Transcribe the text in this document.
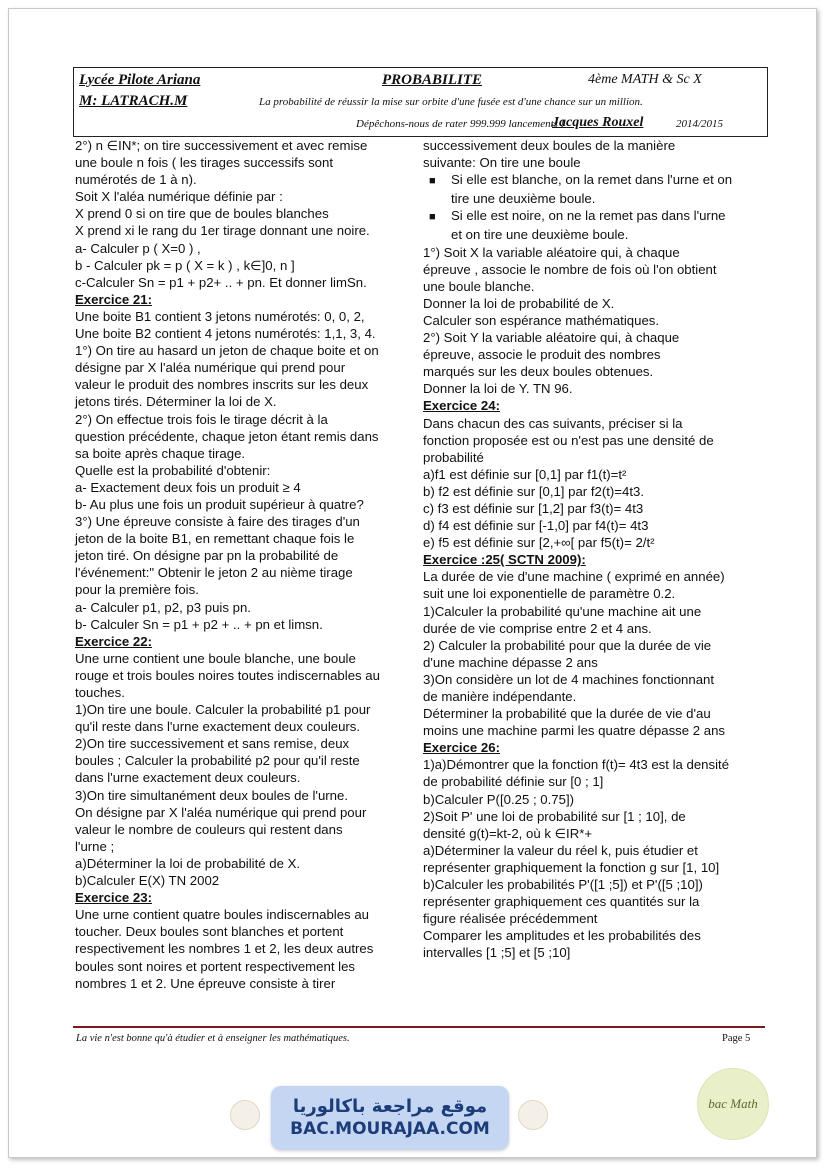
Lycée Pilote Ariana	PROBABILITE	4ème MATH & Sc X
M: LATRACH.M	La probabilité de réussir la mise sur orbite d'une fusée est d'une chance sur un million.
Dépêchons-nous de rater 999.999 lancements !
Jacques Rouxel	2014/2015

2°) n ∈IN*; on tire successivement et avec remise

une boule n fois ( les tirages successifs sont

numérotés de 1 à n).

Soit X l'aléa numérique définie par :

X prend 0 si on tire que de boules blanches

X prend xi le rang du 1er tirage donnant une noire.

a- Calculer p ( X=0 ) ,

b - Calculer pk = p ( X = k ) , k∈]0, n ]

c-Calculer Sn = p1 + p2+ .. + pn. Et donner limSn.

Exercice 21:

Une boite B1 contient 3 jetons numérotés: 0, 0, 2,

Une boite B2 contient 4 jetons numérotés: 1,1, 3, 4.

1°) On tire au hasard un jeton de chaque boite et on

désigne par X l'aléa numérique qui prend pour

valeur le produit des nombres inscrits sur les deux

jetons tirés. Déterminer la loi de X.

2°) On effectue trois fois le tirage décrit à la

question précédente, chaque jeton étant remis dans

sa boite après chaque tirage.

Quelle est la probabilité d'obtenir:

a- Exactement deux fois un produit ≥ 4

b- Au plus une fois un produit supérieur à quatre?

3°) Une épreuve consiste à faire des tirages d'un

jeton de la boite B1, en remettant chaque fois le

jeton tiré. On désigne par pn la probabilité de

l'événement:" Obtenir le jeton 2 au nième tirage

pour la première fois.

a- Calculer p1, p2, p3 puis pn.

b- Calculer Sn = p1 + p2 + .. + pn et limsn.

Exercice 22:

Une urne contient une boule blanche, une boule

rouge et trois boules noires toutes indiscernables au

touches.

1)On tire une boule. Calculer la probabilité p1 pour

qu'il reste dans l'urne exactement deux couleurs.

2)On tire successivement et sans remise, deux

boules ; Calculer la probabilité p2 pour qu'il reste

dans l'urne exactement deux couleurs.

3)On tire simultanément deux boules de l'urne.

On désigne par X l'aléa numérique qui prend pour

valeur le nombre de couleurs qui restent dans

l'urne ;

a)Déterminer la loi de probabilité de X.

b)Calculer E(X) TN 2002

Exercice 23:

Une urne contient quatre boules indiscernables au

toucher. Deux boules sont blanches et portent

respectivement les nombres 1 et 2, les deux autres

boules sont noires et portent respectivement les

nombres 1 et 2. Une épreuve consiste à tirer

successivement deux boules de la manière

suivante: On tire une boule

■ Si elle est blanche, on la remet dans l'urne et on

tire une deuxième boule.

■ Si elle est noire, on ne la remet pas dans l'urne

et on tire une deuxième boule.

1°) Soit X la variable aléatoire qui, à chaque

épreuve , associe le nombre de fois où l'on obtient

une boule blanche.

Donner la loi de probabilité de X.

Calculer son espérance mathématiques.

2°) Soit Y la variable aléatoire qui, à chaque

épreuve, associe le produit des nombres

marqués sur les deux boules obtenues.

Donner la loi de Y. TN 96.

Exercice 24:

Dans chacun des cas suivants, préciser si la

fonction proposée est ou n'est pas une densité de

probabilité

a)f1 est définie sur [0,1] par f1(t)=t²

b) f2 est définie sur [0,1] par f2(t)=4t3.

c) f3 est définie sur [1,2] par f3(t)= 4t3

d) f4 est définie sur [-1,0] par f4(t)= 4t3

e) f5 est définie sur [2,+∞[ par f5(t)= 2/t²

Exercice :25( SCTN 2009):

La durée de vie d'une machine ( exprimé en année)

suit une loi exponentielle de paramètre 0.2.

1)Calculer la probabilité qu'une machine ait une

durée de vie comprise entre 2 et 4 ans.

2) Calculer la probabilité pour que la durée de vie

d'une machine dépasse 2 ans

3)On considère un lot de 4 machines fonctionnant

de manière indépendante.

Déterminer la probabilité que la durée de vie d'au

moins une machine parmi les quatre dépasse 2 ans

Exercice 26:

1)a)Démontrer que la fonction f(t)= 4t3 est la densité

de probabilité définie sur [0 ; 1]

b)Calculer P([0.25 ; 0.75])

2)Soit P' une loi de probabilité sur [1 ; 10], de

densité g(t)=kt-2, où k ∈IR*+

a)Déterminer la valeur du réel k, puis étudier et

représenter graphiquement la fonction g sur [1, 10]

b)Calculer les probabilités P'([1 ;5]) et P'([5 ;10])

représenter graphiquement ces quantités sur la

figure réalisée précédemment

Comparer les amplitudes et les probabilités des

intervalles [1 ;5] et [5 ;10]

La vie n'est bonne qu'à étudier et à enseigner les mathématiques.	Page 5
موقع مراجعة باكالوريا
BAC.MOURAJAA.COM
bac Math
